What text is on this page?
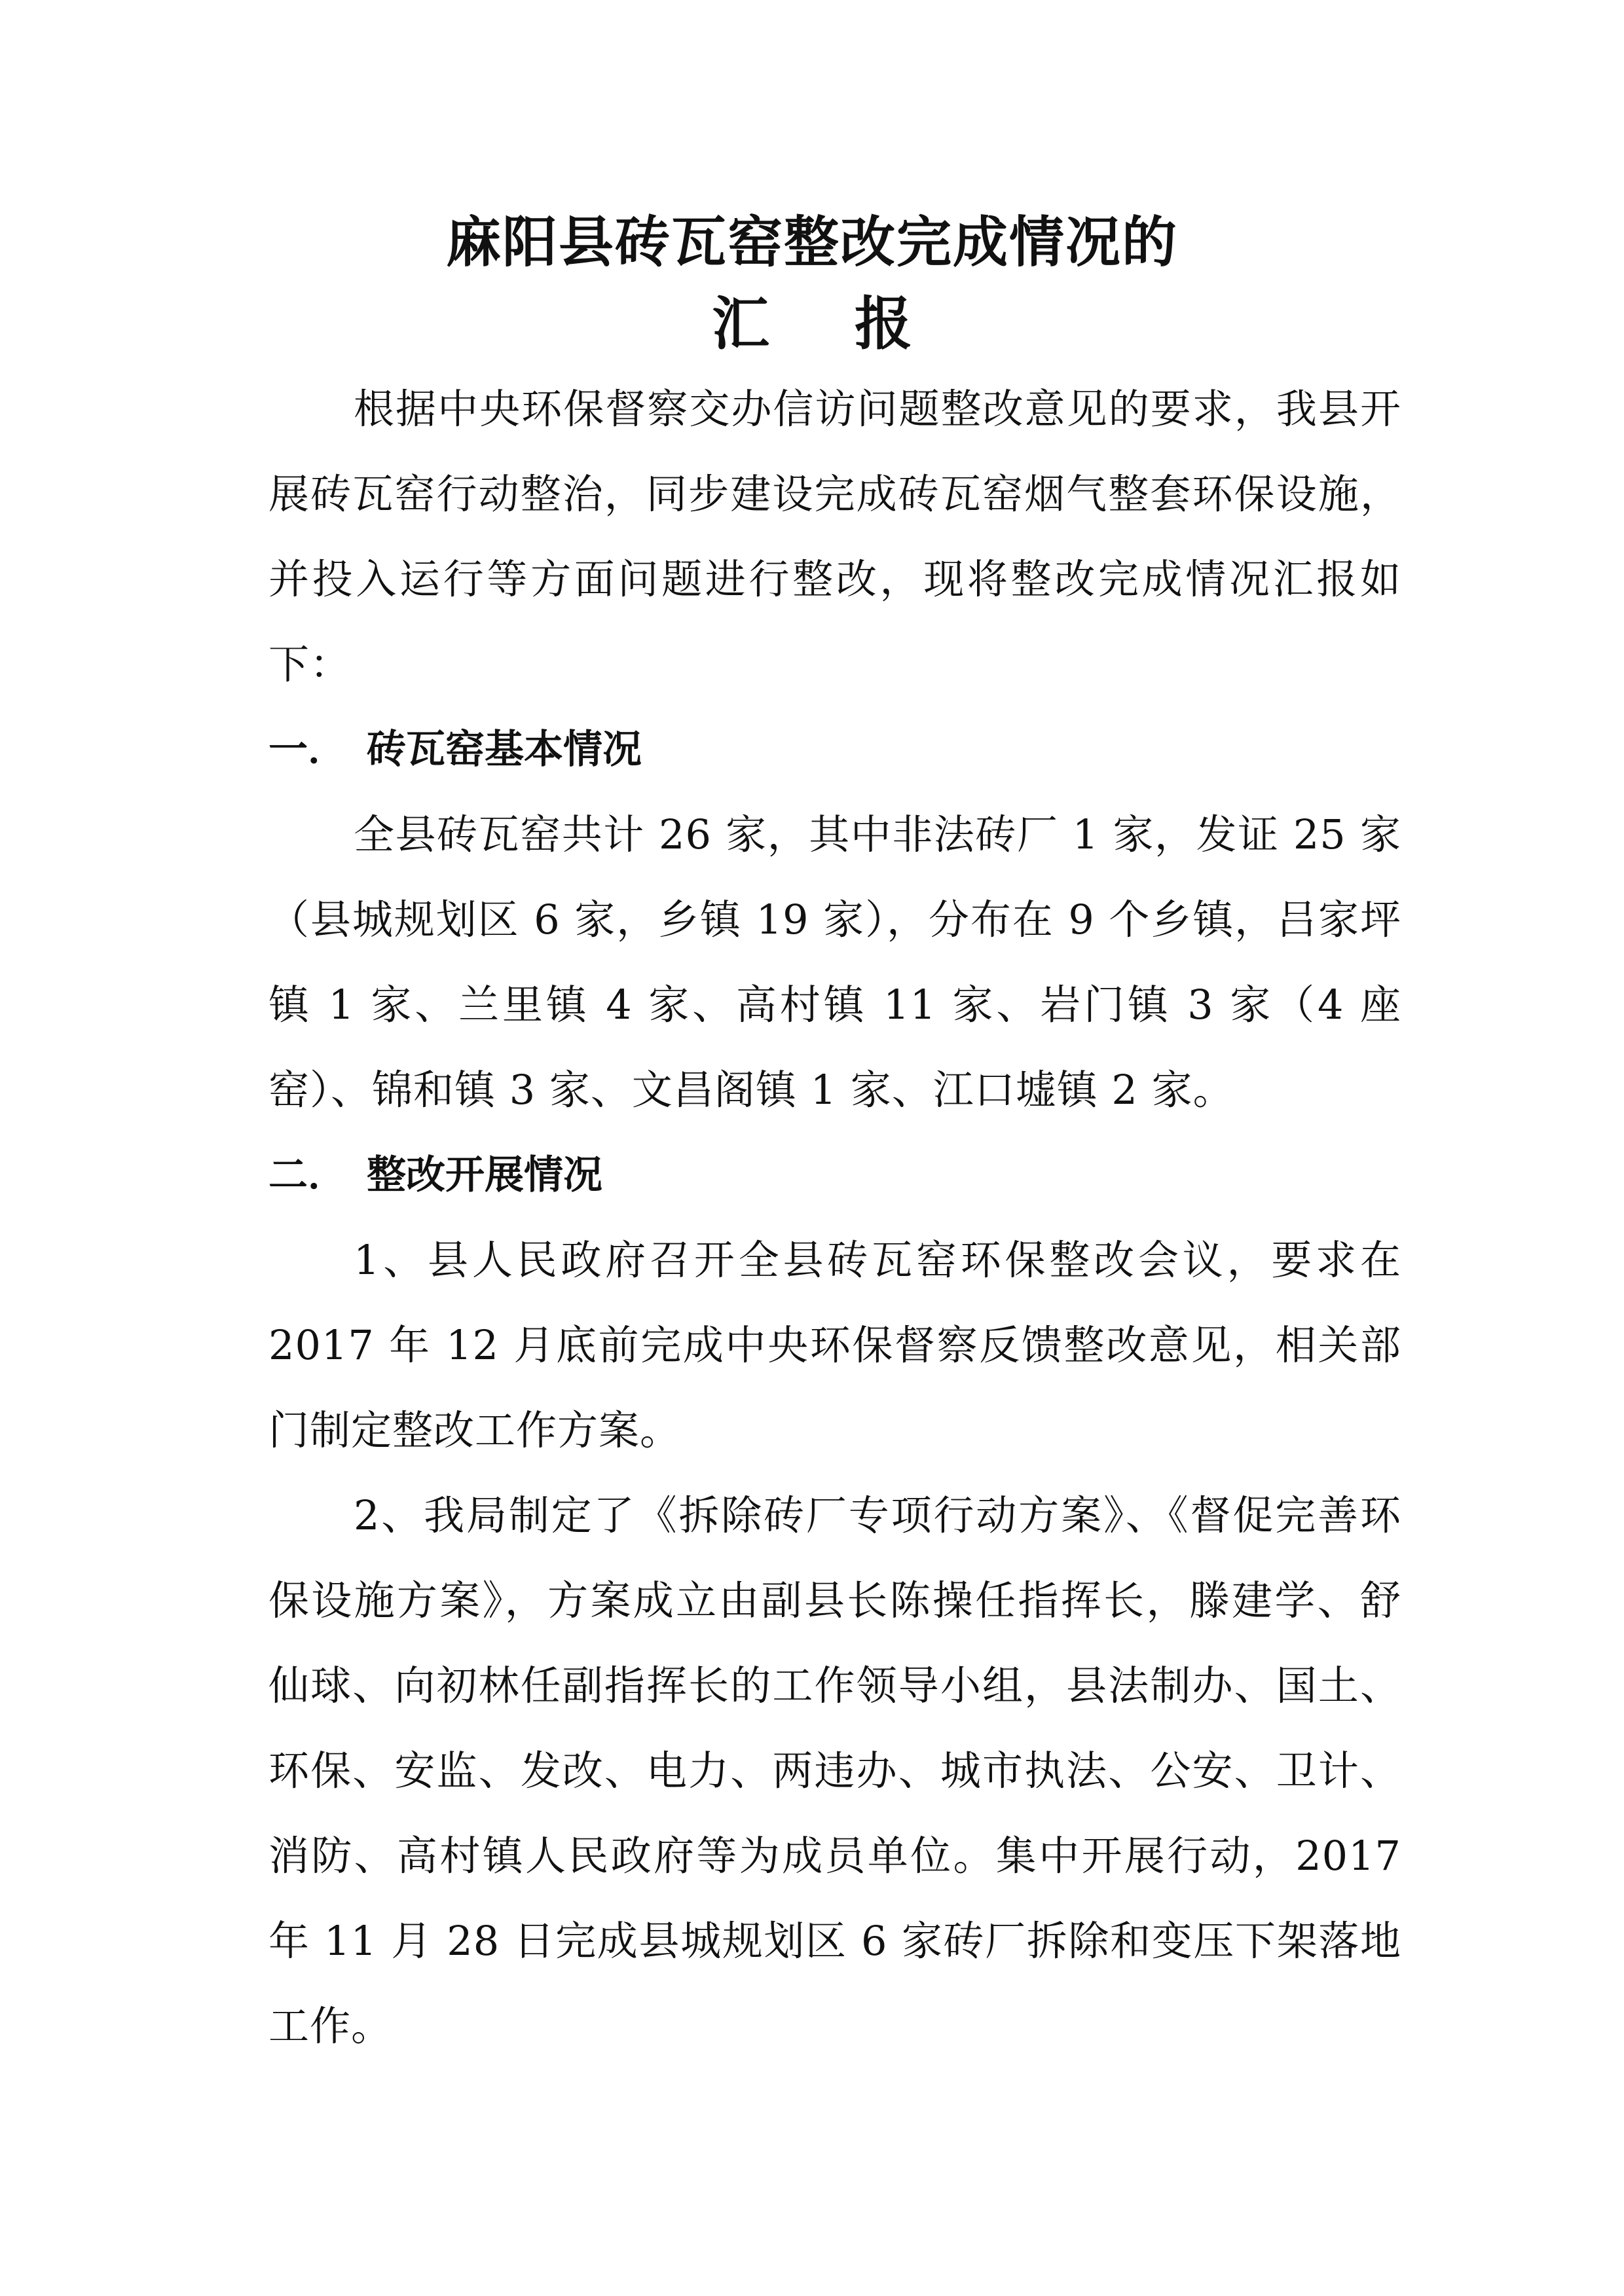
麻阳县砖瓦窑整改完成情况的
汇报

根据中央环保督察交办信访问题整改意见的要求，我县开展砖瓦窑行动整治，同步建设完成砖瓦窑烟气整套环保设施，并投入运行等方面问题进行整改，现将整改完成情况汇报如下：

一． 砖瓦窑基本情况

全县砖瓦窑共计 26 家，其中非法砖厂 1 家，发证 25 家（县城规划区 6 家，乡镇 19 家），分布在 9 个乡镇，吕家坪镇 1 家、兰里镇 4 家、高村镇 11 家、岩门镇 3 家（4 座窑）、锦和镇 3 家、文昌阁镇 1 家、江口墟镇 2 家。

二． 整改开展情况

1、县人民政府召开全县砖瓦窑环保整改会议，要求在 2017 年 12 月底前完成中央环保督察反馈整改意见，相关部门制定整改工作方案。

2、我局制定了《拆除砖厂专项行动方案》、《督促完善环保设施方案》，方案成立由副县长陈操任指挥长，滕建学、舒仙球、向初林任副指挥长的工作领导小组，县法制办、国土、环保、安监、发改、电力、两违办、城市执法、公安、卫计、消防、高村镇人民政府等为成员单位。集中开展行动，2017 年 11 月 28 日完成县城规划区 6 家砖厂拆除和变压下架落地工作。
